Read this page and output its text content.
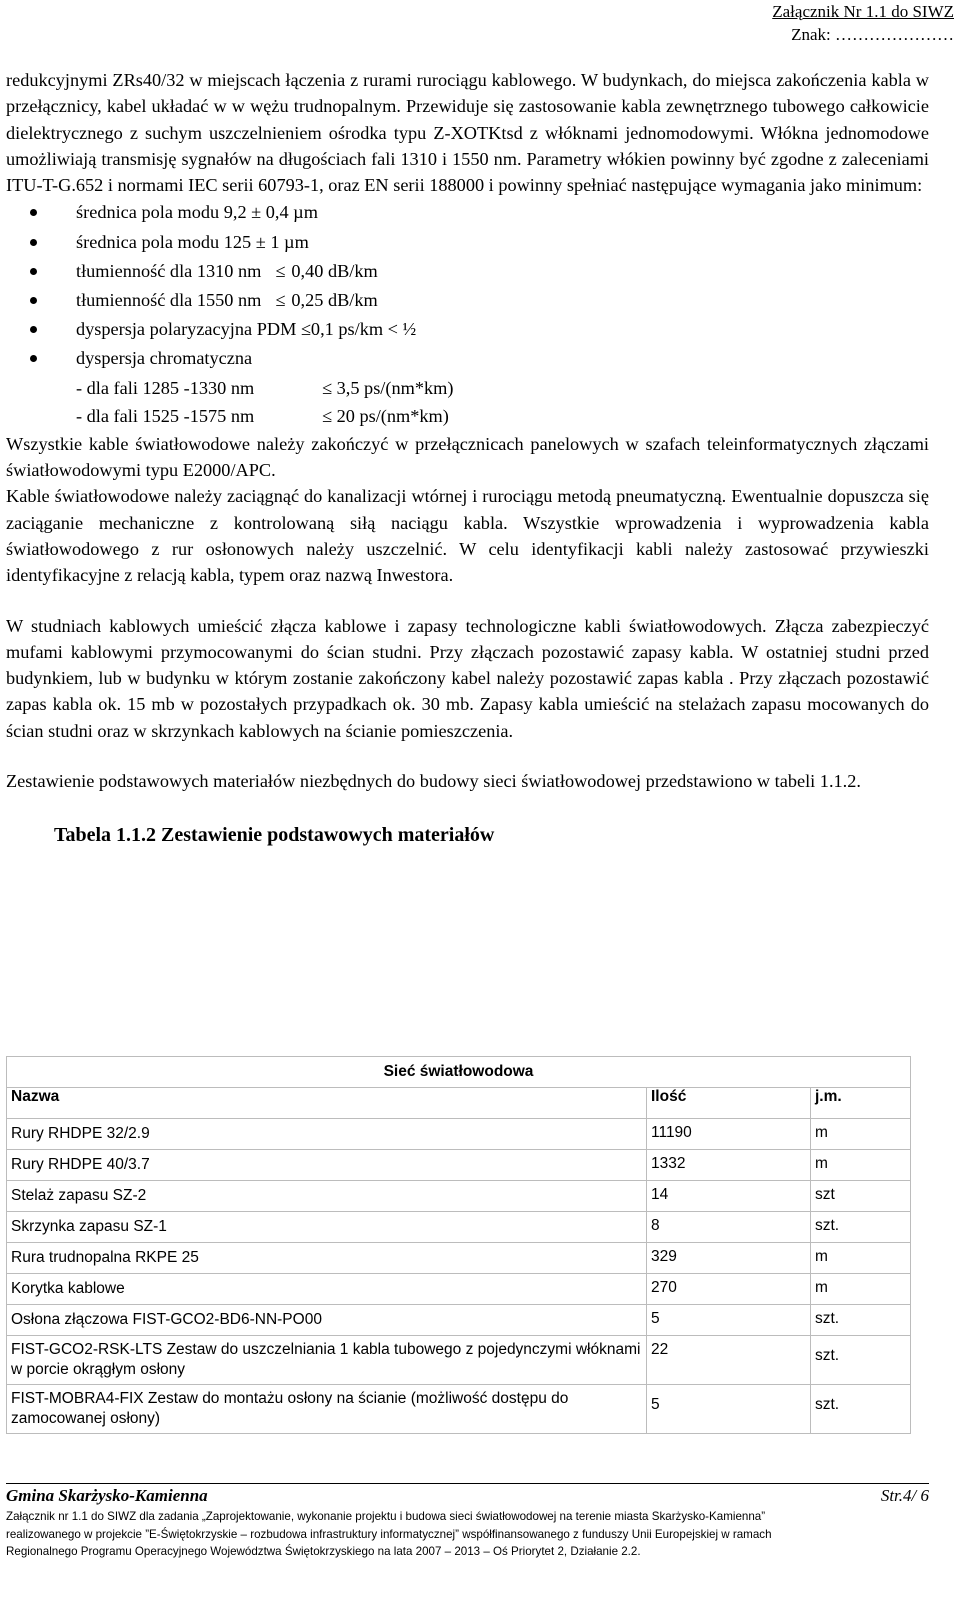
Załącznik Nr 1.1 do SIWZ
Znak: …………………

redukcyjnymi ZRs40/32 w miejscach łączenia z rurami rurociągu kablowego. W budynkach, do miejsca zakończenia kabla w przełącznicy, kabel układać w w wężu trudnopalnym. Przewiduje się zastosowanie kabla zewnętrznego tubowego całkowicie dielektrycznego z suchym uszczelnieniem ośrodka typu Z-XOTKtsd z włóknami jednomodowymi. Włókna jednomodowe umożliwiają transmisję sygnałów na długościach fali 1310 i 1550 nm. Parametry włókien powinny być zgodne z zaleceniami ITU-T-G.652 i normami IEC serii 60793-1, oraz EN serii 188000 i powinny spełniać następujące wymagania jako minimum:

średnica pola modu 9,2 ± 0,4 µm
średnica pola modu 125 ± 1 µm
tłumienność dla 1310 nm ≤ 0,40 dB/km
tłumienność dla 1550 nm ≤ 0,25 dB/km
dyspersja polaryzacyjna PDM ≤0,1 ps/km < ½
dyspersja chromatyczna
- dla fali 1285 -1330 nm	≤ 3,5 ps/(nm*km)
- dla fali 1525 -1575 nm	≤ 20 ps/(nm*km)

Wszystkie kable światłowodowe należy zakończyć w przełącznicach panelowych w szafach teleinformatycznych złączami światłowodowymi typu E2000/APC.

Kable światłowodowe należy zaciągnąć do kanalizacji wtórnej i rurociągu metodą pneumatyczną. Ewentualnie dopuszcza się zaciąganie mechaniczne z kontrolowaną siłą naciągu kabla. Wszystkie wprowadzenia i wyprowadzenia kabla światłowodowego z rur osłonowych należy uszczelnić. W celu identyfikacji kabli należy zastosować przywieszki identyfikacyjne z relacją kabla, typem oraz nazwą Inwestora.

W studniach kablowych umieścić złącza kablowe i zapasy technologiczne kabli światłowodowych. Złącza zabezpieczyć mufami kablowymi przymocowanymi do ścian studni. Przy złączach pozostawić zapasy kabla. W ostatniej studni przed budynkiem, lub w budynku w którym zostanie zakończony kabel należy pozostawić zapas kabla . Przy złączach pozostawić zapas kabla ok. 15 mb w pozostałych przypadkach ok. 30 mb. Zapasy kabla umieścić na stelażach zapasu mocowanych do ścian studni oraz w skrzynkach kablowych na ścianie pomieszczenia.

Zestawienie podstawowych materiałów niezbędnych do budowy sieci światłowodowej przedstawiono w tabeli 1.1.2.

Tabela 1.1.2 Zestawienie podstawowych materiałów
Sieć światłowodowa		
Nazwa	Ilość	j.m.
Rury RHDPE 32/2.9	11190	m
Rury RHDPE 40/3.7	1332	m
Stelaż zapasu SZ-2	14	szt
Skrzynka zapasu SZ-1	8	szt.
Rura trudnopalna RKPE 25	329	m
Korytka kablowe	270	m
Osłona złączowa FIST-GCO2-BD6-NN-PO00	5	szt.
FIST-GCO2-RSK-LTS Zestaw do uszczelniania 1 kabla tubowego z pojedynczymi włóknami w porcie okrągłym osłony	22	szt.
FIST-MOBRA4-FIX Zestaw do montażu osłony na ścianie (możliwość dostępu do zamocowanej osłony)	5	szt.
Gmina Skarżysko-Kamienna	Str.4/ 6
Załącznik nr 1.1 do SIWZ dla zadania „Zaprojektowanie, wykonanie projektu i budowa sieci światłowodowej na terenie miasta Skarżysko-Kamienna”
realizowanego w projekcie ”E-Świętokrzyskie – rozbudowa infrastruktury informatycznej” współfinansowanego z funduszy Unii Europejskiej w ramach
Regionalnego Programu Operacyjnego Województwa Świętokrzyskiego na lata 2007 – 2013 – Oś Priorytet 2, Działanie 2.2.
